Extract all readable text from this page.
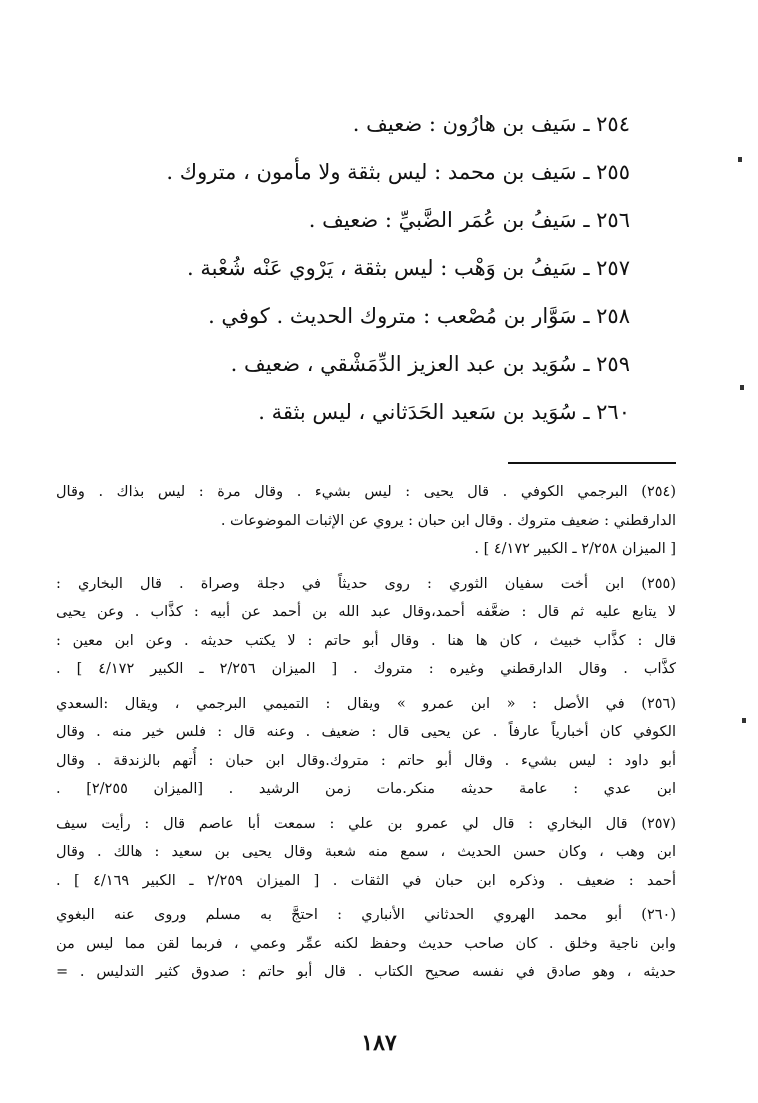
٢٥٤ ـ سَيف بن هارُون : ضعيف .
٢٥٥ ـ سَيف بن محمد : ليس بثقة ولا مأمون ، متروك .
٢٥٦ ـ سَيفُ بن عُمَر الضَّبيِّ : ضعيف .
٢٥٧ ـ سَيفُ بن وَهْب : ليس بثقة ، يَرْوي عَنْه شُعْبة .
٢٥٨ ـ سَوَّار بن مُصْعب : متروك الحديث . كوفي .
٢٥٩ ـ سُوَيد بن عبد العزيز الدِّمَشْقي ، ضعيف .
٢٦٠ ـ سُوَيد بن سَعيد الحَدَثاني ، ليس بثقة .
(٢٥٤) البرجمي الكوفي . قال يحيى : ليس بشيء . وقال مرة : ليس بذاك . وقال
الدارقطني : ضعيف متروك . وقال ابن حبان : يروي عن الإثبات الموضوعات .
[ الميزان ٢/٢٥٨ ـ الكبير ٤/١٧٢ ] .
(٢٥٥) ابن أخت سفيان الثوري : روى حديثاً في دجلة وصراة . قال البخاري :
لا يتابع عليه ثم قال : ضعَّفه أحمد،وقال عبد الله بن أحمد عن أبيه : كذَّاب . وعن يحيى
قال : كذَّاب خبيث ، كان ها هنا . وقال أبو حاتم : لا يكتب حديثه . وعن ابن معين :
كذَّاب . وقال الدارقطني وغيره : متروك . [ الميزان ٢/٢٥٦ ـ الكبير ٤/١٧٢ ] .
(٢٥٦) في الأصل : « ابن عمرو » ويقال : التميمي البرجمي ، ويقال :السعدي
الكوفي كان أخبارياً عارفاً . عن يحيى قال : ضعيف . وعنه قال : فلس خير منه . وقال
أبو داود : ليس بشيء . وقال أبو حاتم : متروك.وقال ابن حبان : أُتهم بالزندقة . وقال
ابن عدي : عامة حديثه منكر.مات زمن الرشيد . [الميزان ٢/٢٥٥] .
(٢٥٧) قال البخاري : قال لي عمرو بن علي : سمعت أبا عاصم قال : رأيت سيف
ابن وهب ، وكان حسن الحديث ، سمع منه شعبة وقال يحيى بن سعيد : هالك . وقال
أحمد : ضعيف . وذكره ابن حبان في الثقات . [ الميزان ٢/٢٥٩ ـ الكبير ٤/١٦٩ ] .
(٢٦٠) أبو محمد الهروي الحدثاني الأنباري : احتجَّ به مسلم وروى عنه البغوي
وابن ناجية وخلق . كان صاحب حديث وحفظ لكنه عمِّر وعمي ، فربما لقن مما ليس من
حديثه ، وهو صادق في نفسه صحيح الكتاب . قال أبو حاتم : صدوق كثير التدليس . =
١٨٧
